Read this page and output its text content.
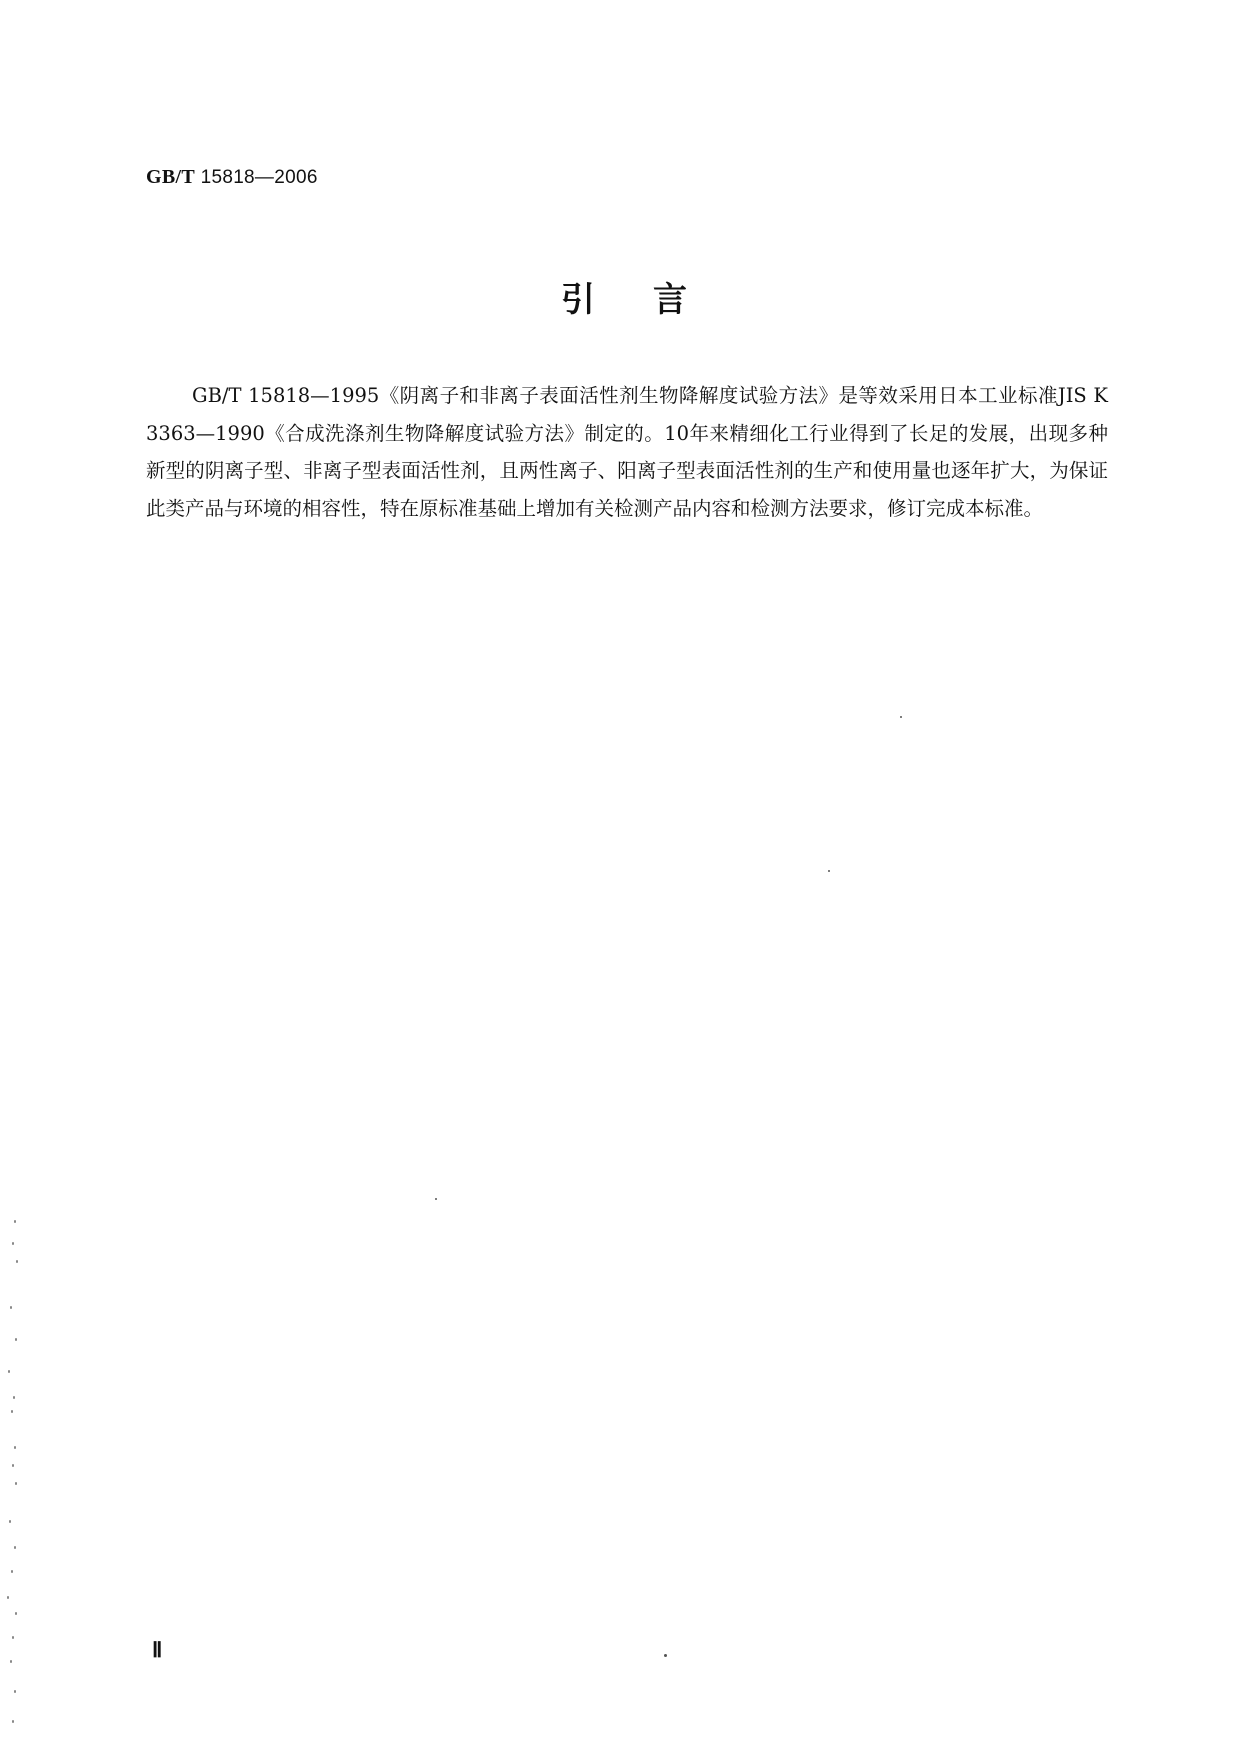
GB/T 15818—2006
引言

GB/T 15818—1995《阴离子和非离子表面活性剂生物降解度试验方法》是等效采用日本工业标准JIS K 3363—1990《合成洗涤剂生物降解度试验方法》制定的。10年来精细化工行业得到了长足的发展，出现多种新型的阴离子型、非离子型表面活性剂，且两性离子、阳离子型表面活性剂的生产和使用量也逐年扩大，为保证此类产品与环境的相容性，特在原标准基础上增加有关检测产品内容和检测方法要求，修订完成本标准。

Ⅱ
